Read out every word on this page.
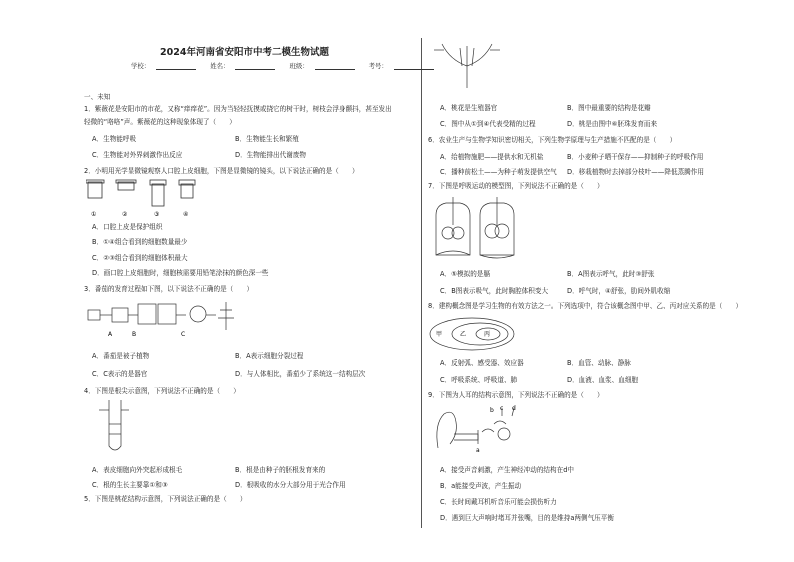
2024年河南省安阳市中考二模生物试题
学校：	姓名：	班级：	考号：
一、未知
1．紫薇花是安阳市的市花，又称“痒痒花”。因为当轻轻抚摸或挠它的树干时，树枝会浮身颤抖，甚至发出
轻微的“咯咯”声。紫薇花的这种现象体现了（　　）
A．生物能呼吸	B．生物能生长和繁殖
C．生物能对外界刺激作出反应	D．生物能排出代谢废物
2．小明用光学显微镜观察人口腔上皮细胞，下图是显微镜的镜头，以下说法正确的是（　　）
①	②	③	④
A．口腔上皮是保护组织
B．①④组合看到的细胞数量最少
C．②③组合看到的细胞体积最大
D．画口腔上皮细胞时，细胞核需要用铅笔涂抹的颜色深一些
3．番茄的发育过程如下图，以下说法不正确的是（　　）
A	B	C
A．番茄是被子植物	B．A表示细胞分裂过程
C．C表示的是器官	D．与人体相比，番茄少了系统这一结构层次
4．下图是根尖示意图，下列说法不正确的是（　　）
A．表皮细胞向外突起形成根毛	B．根是由种子的胚根发育来的
C．根的生长主要靠①和③	D．根吸收的水分大部分用于光合作用
5．下图是桃花结构示意图，下列说法正确的是（　　）
A．桃花是生殖器官	B．图中最重要的结构是花瓣
C．图中从①到④代表受精的过程	D．桃是由图中⑥胚珠发育而来
6．农业生产与生物学知识密切相关，下列生物学原理与生产措施不匹配的是（　　）
A．给植物施肥——提供水和无机盐	B．小麦种子晒干保存——抑制种子的呼吸作用
C．播种前松土——为种子萌发提供空气 D．移栽植物时去掉部分枝叶——降低蒸腾作用
7．下图是呼吸运动的模型图，下列说法不正确的是（　　）
A．⑤模拟的是膈	B．A图表示呼气，此时③舒张
C．B图表示吸气，此时胸腔体积变大	D．呼气时，④舒张，肋间外肌收缩
8．建构概念图是学习生物的有效方法之一。下列选项中，符合该概念图中甲、乙、丙对应关系的是（　　）
甲	乙	丙
A．反射弧、感受器、效应器	B．血管、动脉、静脉
C．呼吸系统、呼吸道、肺	D．血液、血浆、血细胞
9．下图为人耳的结构示意图，下列说法不正确的是（　　）
b c d
a
A．接受声音刺激，产生神经冲动的结构在d中
B．a能接受声波，产生振动
C．长时间戴耳机听音乐可能会损伤听力
D．遇到巨大声响时堵耳并张嘴，目的是维持a两侧气压平衡
